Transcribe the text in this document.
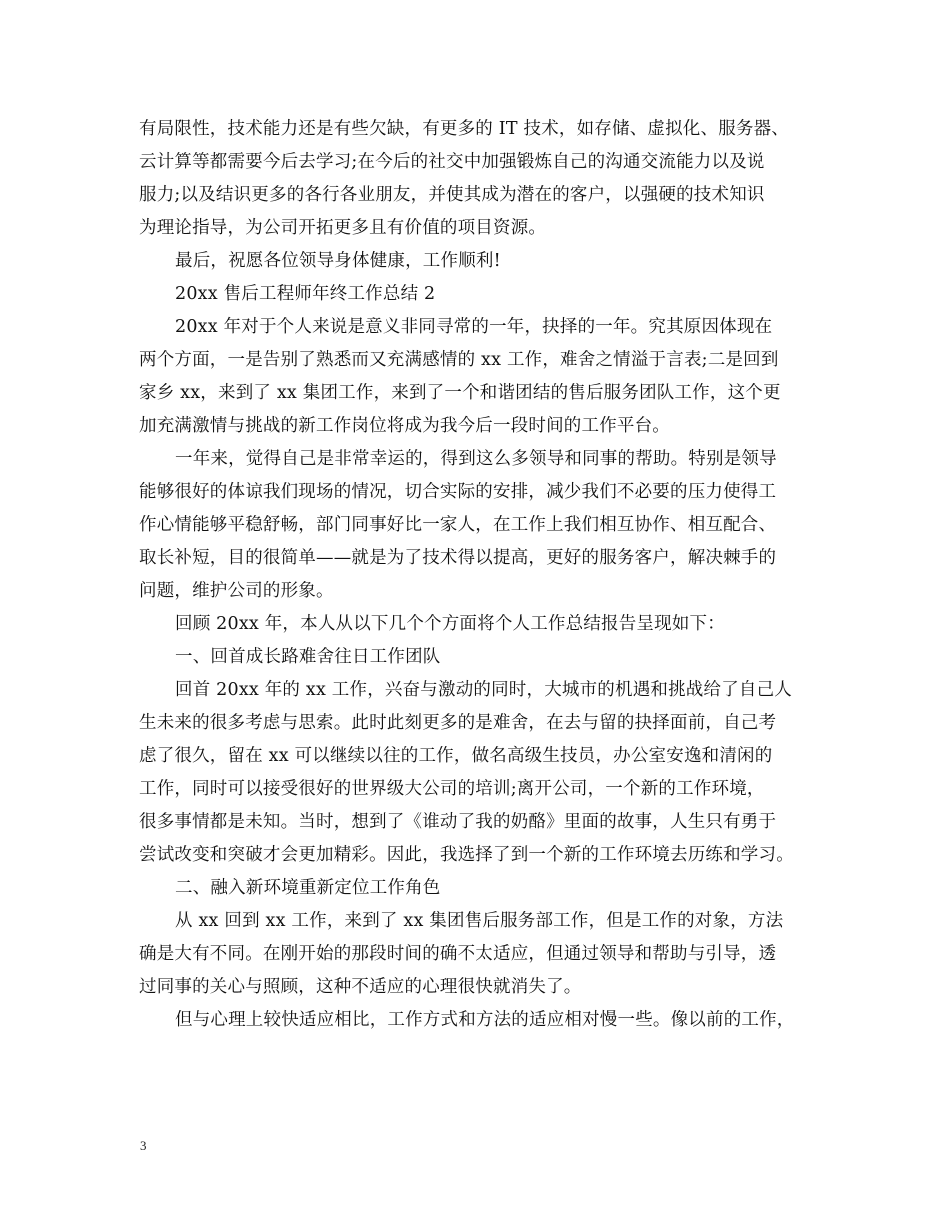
有局限性，技术能力还是有些欠缺，有更多的 IT 技术，如存储、虚拟化、服务器、
云计算等都需要今后去学习;在今后的社交中加强锻炼自己的沟通交流能力以及说
服力;以及结识更多的各行各业朋友，并使其成为潜在的客户，以强硬的技术知识
为理论指导，为公司开拓更多且有价值的项目资源。
最后，祝愿各位领导身体健康，工作顺利!
20xx 售后工程师年终工作总结 2
20xx 年对于个人来说是意义非同寻常的一年，抉择的一年。究其原因体现在
两个方面，一是告别了熟悉而又充满感情的 xx 工作，难舍之情溢于言表;二是回到
家乡 xx，来到了 xx 集团工作，来到了一个和谐团结的售后服务团队工作，这个更
加充满激情与挑战的新工作岗位将成为我今后一段时间的工作平台。
一年来，觉得自己是非常幸运的，得到这么多领导和同事的帮助。特别是领导
能够很好的体谅我们现场的情况，切合实际的安排，减少我们不必要的压力使得工
作心情能够平稳舒畅，部门同事好比一家人，在工作上我们相互协作、相互配合、
取长补短，目的很简单——就是为了技术得以提高，更好的服务客户，解决棘手的
问题，维护公司的形象。
回顾 20xx 年，本人从以下几个个方面将个人工作总结报告呈现如下：
一、回首成长路难舍往日工作团队
回首 20xx 年的 xx 工作，兴奋与激动的同时，大城市的机遇和挑战给了自己人
生未来的很多考虑与思索。此时此刻更多的是难舍，在去与留的抉择面前，自己考
虑了很久，留在 xx 可以继续以往的工作，做名高级生技员，办公室安逸和清闲的
工作，同时可以接受很好的世界级大公司的培训;离开公司，一个新的工作环境，
很多事情都是未知。当时，想到了《谁动了我的奶酪》里面的故事，人生只有勇于
尝试改变和突破才会更加精彩。因此，我选择了到一个新的工作环境去历练和学习。
二、融入新环境重新定位工作角色
从 xx 回到 xx 工作，来到了 xx 集团售后服务部工作，但是工作的对象，方法
确是大有不同。在刚开始的那段时间的确不太适应，但通过领导和帮助与引导，透
过同事的关心与照顾，这种不适应的心理很快就消失了。
但与心理上较快适应相比，工作方式和方法的适应相对慢一些。像以前的工作，
3
